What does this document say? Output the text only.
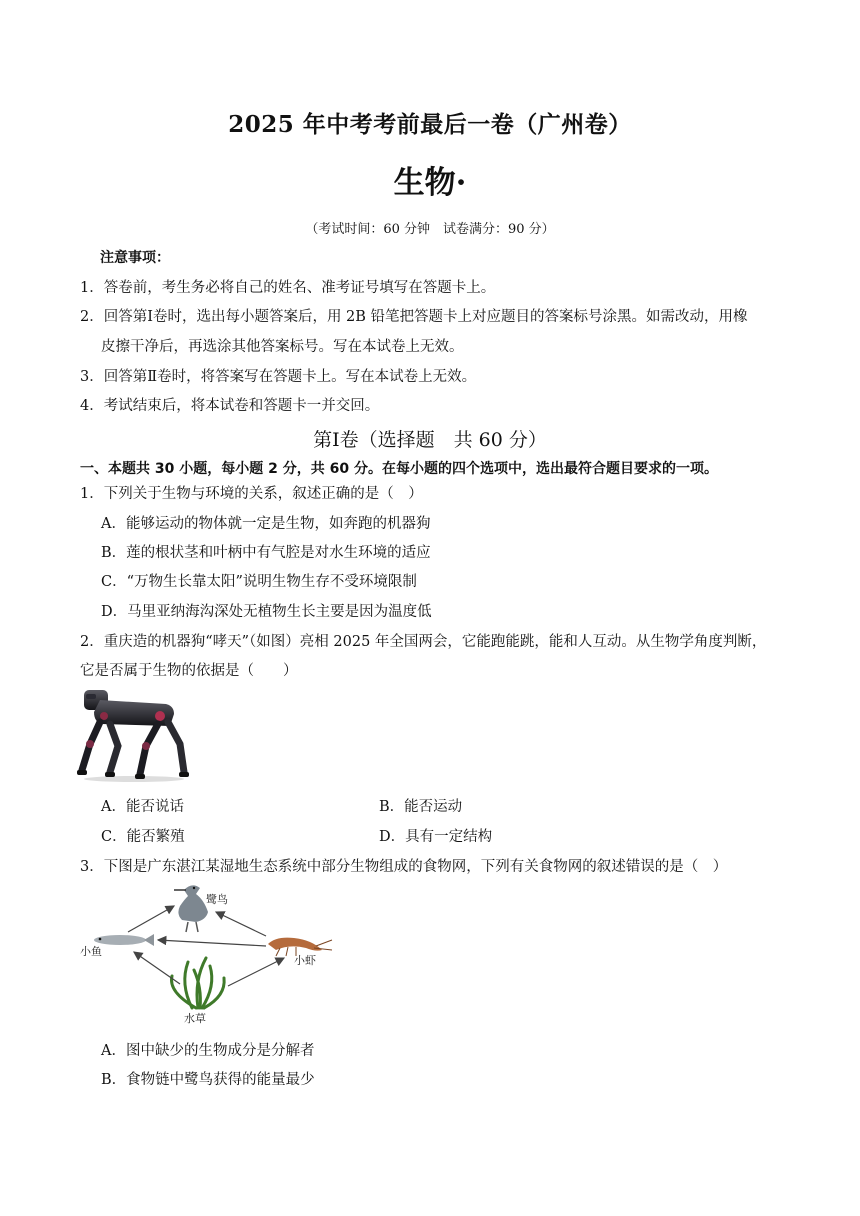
2025 年中考考前最后一卷（广州卷）
生物·
（考试时间：60 分钟　试卷满分：90 分）
注意事项：
1．答卷前，考生务必将自己的姓名、准考证号填写在答题卡上。
2．回答第Ⅰ卷时，选出每小题答案后，用 2B 铅笔把答题卡上对应题目的答案标号涂黑。如需改动，用橡
皮擦干净后，再选涂其他答案标号。写在本试卷上无效。
3．回答第Ⅱ卷时，将答案写在答题卡上。写在本试卷上无效。
4．考试结束后，将本试卷和答题卡一并交回。
第Ⅰ卷（选择题　共 60 分）
一、本题共 30 小题，每小题 2 分，共 60 分。在每小题的四个选项中，选出最符合题目要求的一项。
1．下列关于生物与环境的关系，叙述正确的是（　）
A．能够运动的物体就一定是生物，如奔跑的机器狗
B．莲的根状茎和叶柄中有气腔是对水生环境的适应
C．“万物生长靠太阳”说明生物生存不受环境限制
D．马里亚纳海沟深处无植物生长主要是因为温度低
2．重庆造的机器狗“哮天”（如图）亮相 2025 年全国两会，它能跑能跳，能和人互动。从生物学角度判断，
它是否属于生物的依据是（　　）
A．能否说话	B．能否运动
C．能否繁殖	D．具有一定结构
3．下图是广东湛江某湿地生态系统中部分生物组成的食物网，下列有关食物网的叙述错误的是（　）
鹭鸟
小鱼
小虾
水草
A．图中缺少的生物成分是分解者
B．食物链中鹭鸟获得的能量最少
